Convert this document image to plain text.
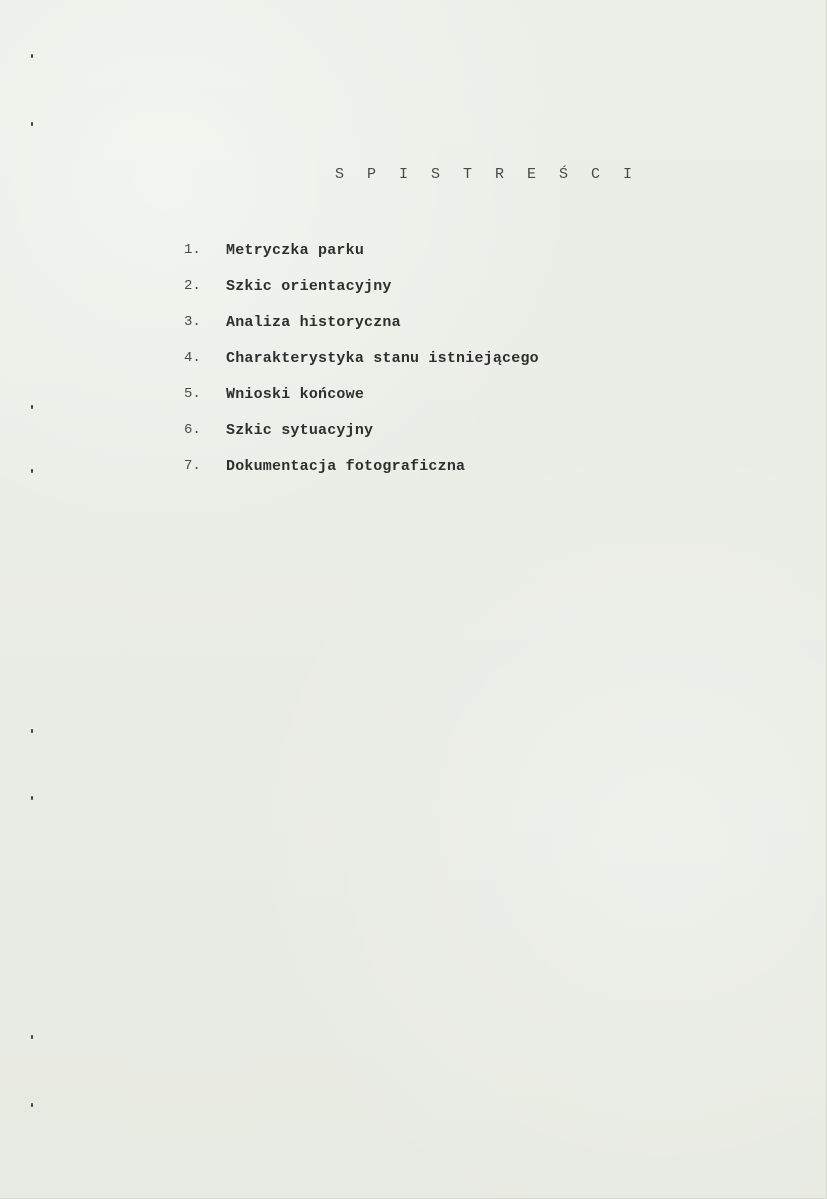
S P I S T R E Ś C I
1.	Metryczka parku
2.	Szkic orientacyjny
3.	Analiza historyczna
4.	Charakterystyka stanu istniejącego
5.	Wnioski końcowe
6.	Szkic sytuacyjny
7.	Dokumentacja fotograficzna
